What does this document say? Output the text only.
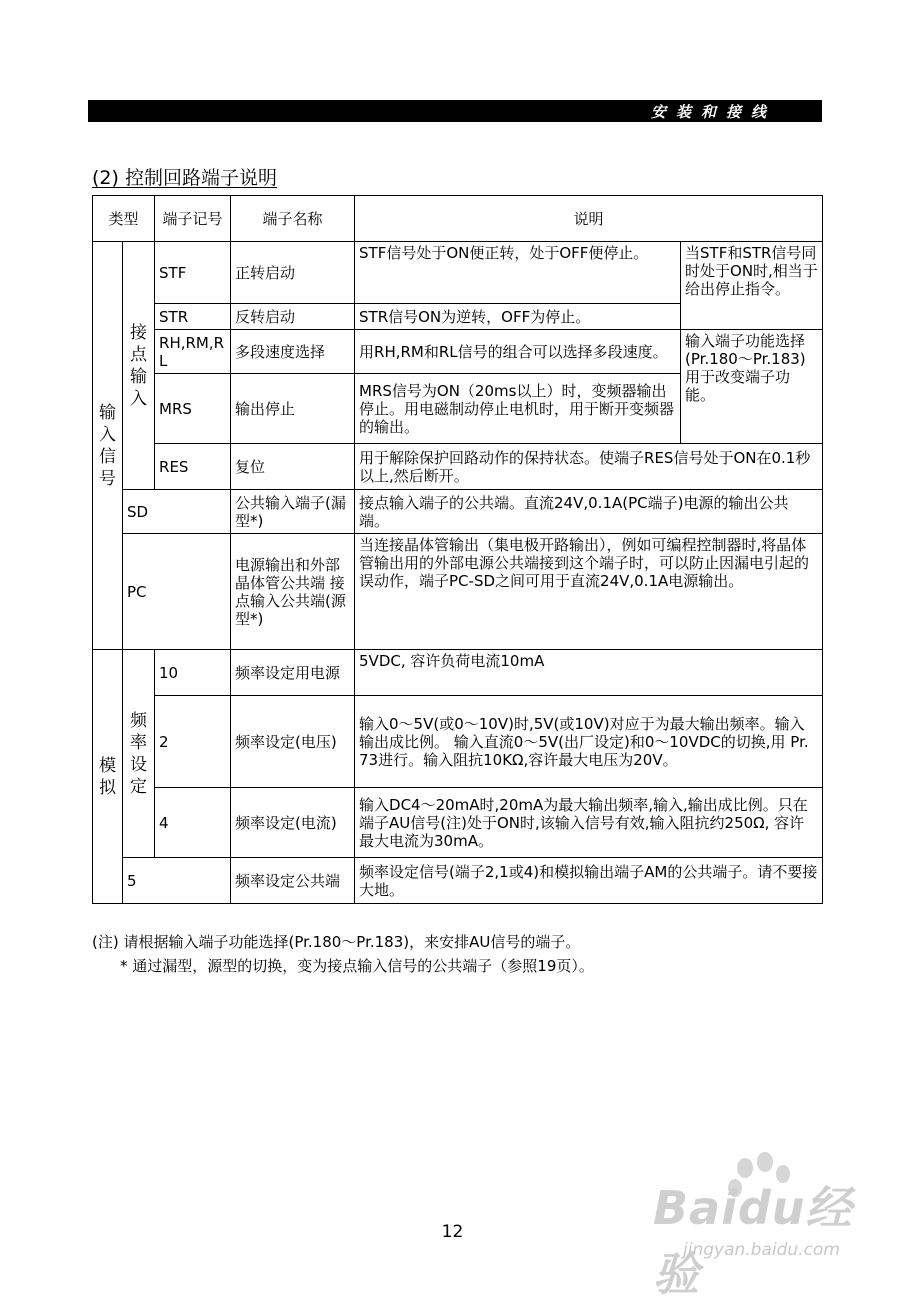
安装和接线
(2) 控制回路端子说明
类型		端子记号	端子名称	说明	

输入信号	接点输入	STF	正转启动	STF信号处于ON便正转，处于OFF便停止。	当STF和STR信号同时处于ON时,相当于给出停止指令。
		STR	反转启动	STR信号ON为逆转，OFF为停止。	
		RH,RM,RL	多段速度选择	用RH,RM和RL信号的组合可以选择多段速度。	输入端子功能选择(Pr.180～Pr.183)用于改变端子功能。
		MRS	输出停止	MRS信号为ON（20ms以上）时，变频器输出停止。用电磁制动停止电机时，用于断开变频器的输出。	
		RES	复位	用于解除保护回路动作的保持状态。使端子RES信号处于ON在0.1秒以上,然后断开。	
	SD		公共输入端子(漏型*)	接点输入端子的公共端。直流24V,0.1A(PC端子)电源的输出公共端。	
	PC		电源输出和外部晶体管公共端 接点输入公共端(源型*)	当连接晶体管输出（集电极开路输出），例如可编程控制器时,将晶体管输出用的外部电源公共端接到这个端子时，可以防止因漏电引起的误动作，端子PC-SD之间可用于直流24V,0.1A电源输出。	

模拟	频率设定	10	频率设定用电源	5VDC, 容许负荷电流10mA	
		2	频率设定(电压)	输入0～5V(或0～10V)时,5V(或10V)对应于为最大输出频率。输入输出成比例。 输入直流0～5V(出厂设定)和0～10VDC的切换,用 Pr.73进行。输入阻抗10KΩ,容许最大电压为20V。	
		4	频率设定(电流)	输入DC4～20mA时,20mA为最大输出频率,输入,输出成比例。只在端子AU信号(注)处于ON时,该输入信号有效,输入阻抗约250Ω, 容许最大电流为30mA。	
	5		频率设定公共端	频率设定信号(端子2,1或4)和模拟输出端子AM的公共端子。请不要接大地。	
(注) 请根据输入端子功能选择(Pr.180～Pr.183)，来安排AU信号的端子。
* 通过漏型，源型的切换，变为接点输入信号的公共端子（参照19页）。
12	Baidu经验
jingyan.baidu.com
